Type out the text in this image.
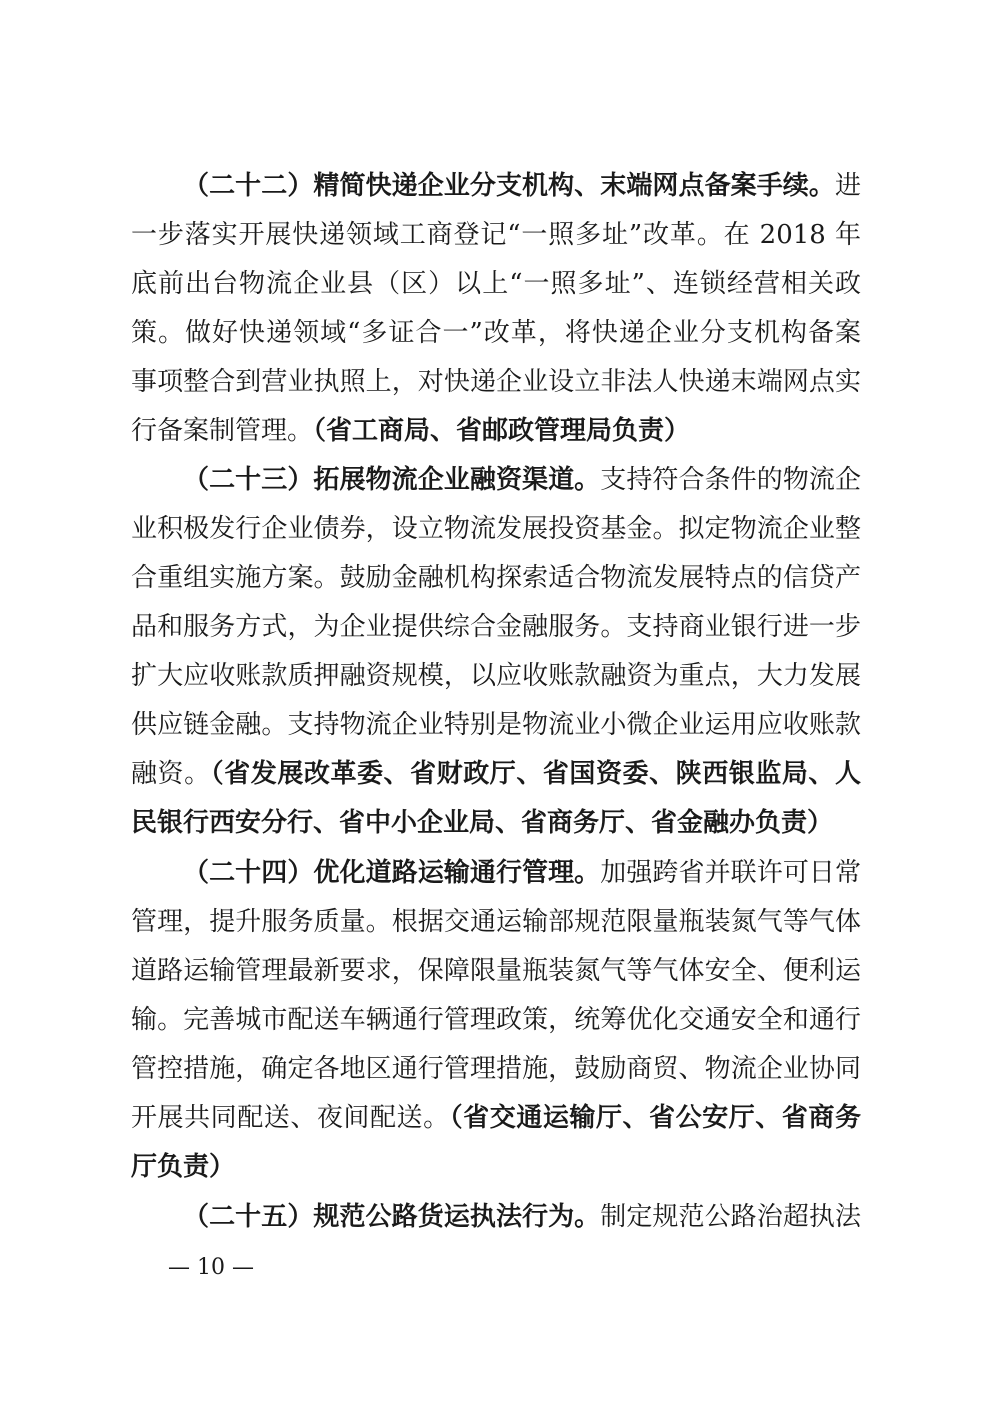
（二十二）精简快递企业分支机构、末端网点备案手续。进
一步落实开展快递领域工商登记“一照多址”改革。在 2018 年
底前出台物流企业县（区）以上“一照多址”、连锁经营相关政
策。做好快递领域“多证合一”改革，将快递企业分支机构备案
事项整合到营业执照上，对快递企业设立非法人快递末端网点实
行备案制管理。（省工商局、省邮政管理局负责）
（二十三）拓展物流企业融资渠道。支持符合条件的物流企
业积极发行企业债券，设立物流发展投资基金。拟定物流企业整
合重组实施方案。鼓励金融机构探索适合物流发展特点的信贷产
品和服务方式，为企业提供综合金融服务。支持商业银行进一步
扩大应收账款质押融资规模，以应收账款融资为重点，大力发展
供应链金融。支持物流企业特别是物流业小微企业运用应收账款
融资。（省发展改革委、省财政厅、省国资委、陕西银监局、人
民银行西安分行、省中小企业局、省商务厅、省金融办负责）
（二十四）优化道路运输通行管理。加强跨省并联许可日常
管理，提升服务质量。根据交通运输部规范限量瓶装氮气等气体
道路运输管理最新要求，保障限量瓶装氮气等气体安全、便利运
输。完善城市配送车辆通行管理政策，统筹优化交通安全和通行
管控措施，确定各地区通行管理措施，鼓励商贸、物流企业协同
开展共同配送、夜间配送。（省交通运输厅、省公安厅、省商务
厅负责）
（二十五）规范公路货运执法行为。制定规范公路治超执法
— 10 —
